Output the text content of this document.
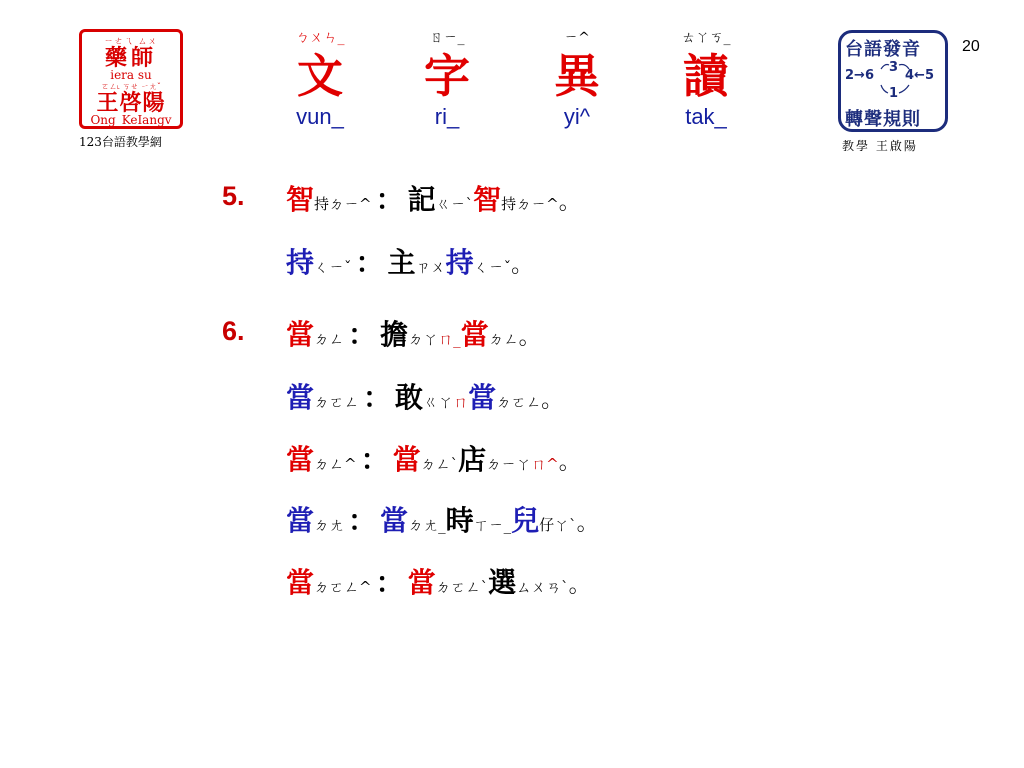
ㄧㄜㄟ ㄙㄨ
藥師
iera su
ㄛㄥ˪ ㄎㄝ ㄧㄤˇ
王啓陽
Ong_KeIangv
123台語教學網
ㄅㄨㄣ_
文
vun_
ㄖㄧ_
字
ri_
ㄧ^
異
yi^
ㄊㄚㄎ_
讀
tak_
台語發音
2→6
3
4←5
1
轉聲規則
教學 王啟陽
20
5.
6.
智持ㄉㄧ^ ： 記ㄍㄧˋ智持ㄉㄧ^。
持ㄑㄧˇ ： 主ㄗㄨ持ㄑㄧˇ。
當ㄉㄥ ： 擔ㄉㄚㄇ_當ㄉㄥ。
當ㄉㄛㄥ ： 敢ㄍㄚㄇ當ㄉㄛㄥ。
當ㄉㄥ^ ： 當ㄉㄥˋ店ㄉㄧㄚㄇ^。
當ㄉㄤ ： 當ㄉㄤ_時ㄒㄧ_兒仔ㄚˋ。
當ㄉㄛㄥ^ ： 當ㄉㄛㄥˋ選ㄙㄨㄢˋ。
